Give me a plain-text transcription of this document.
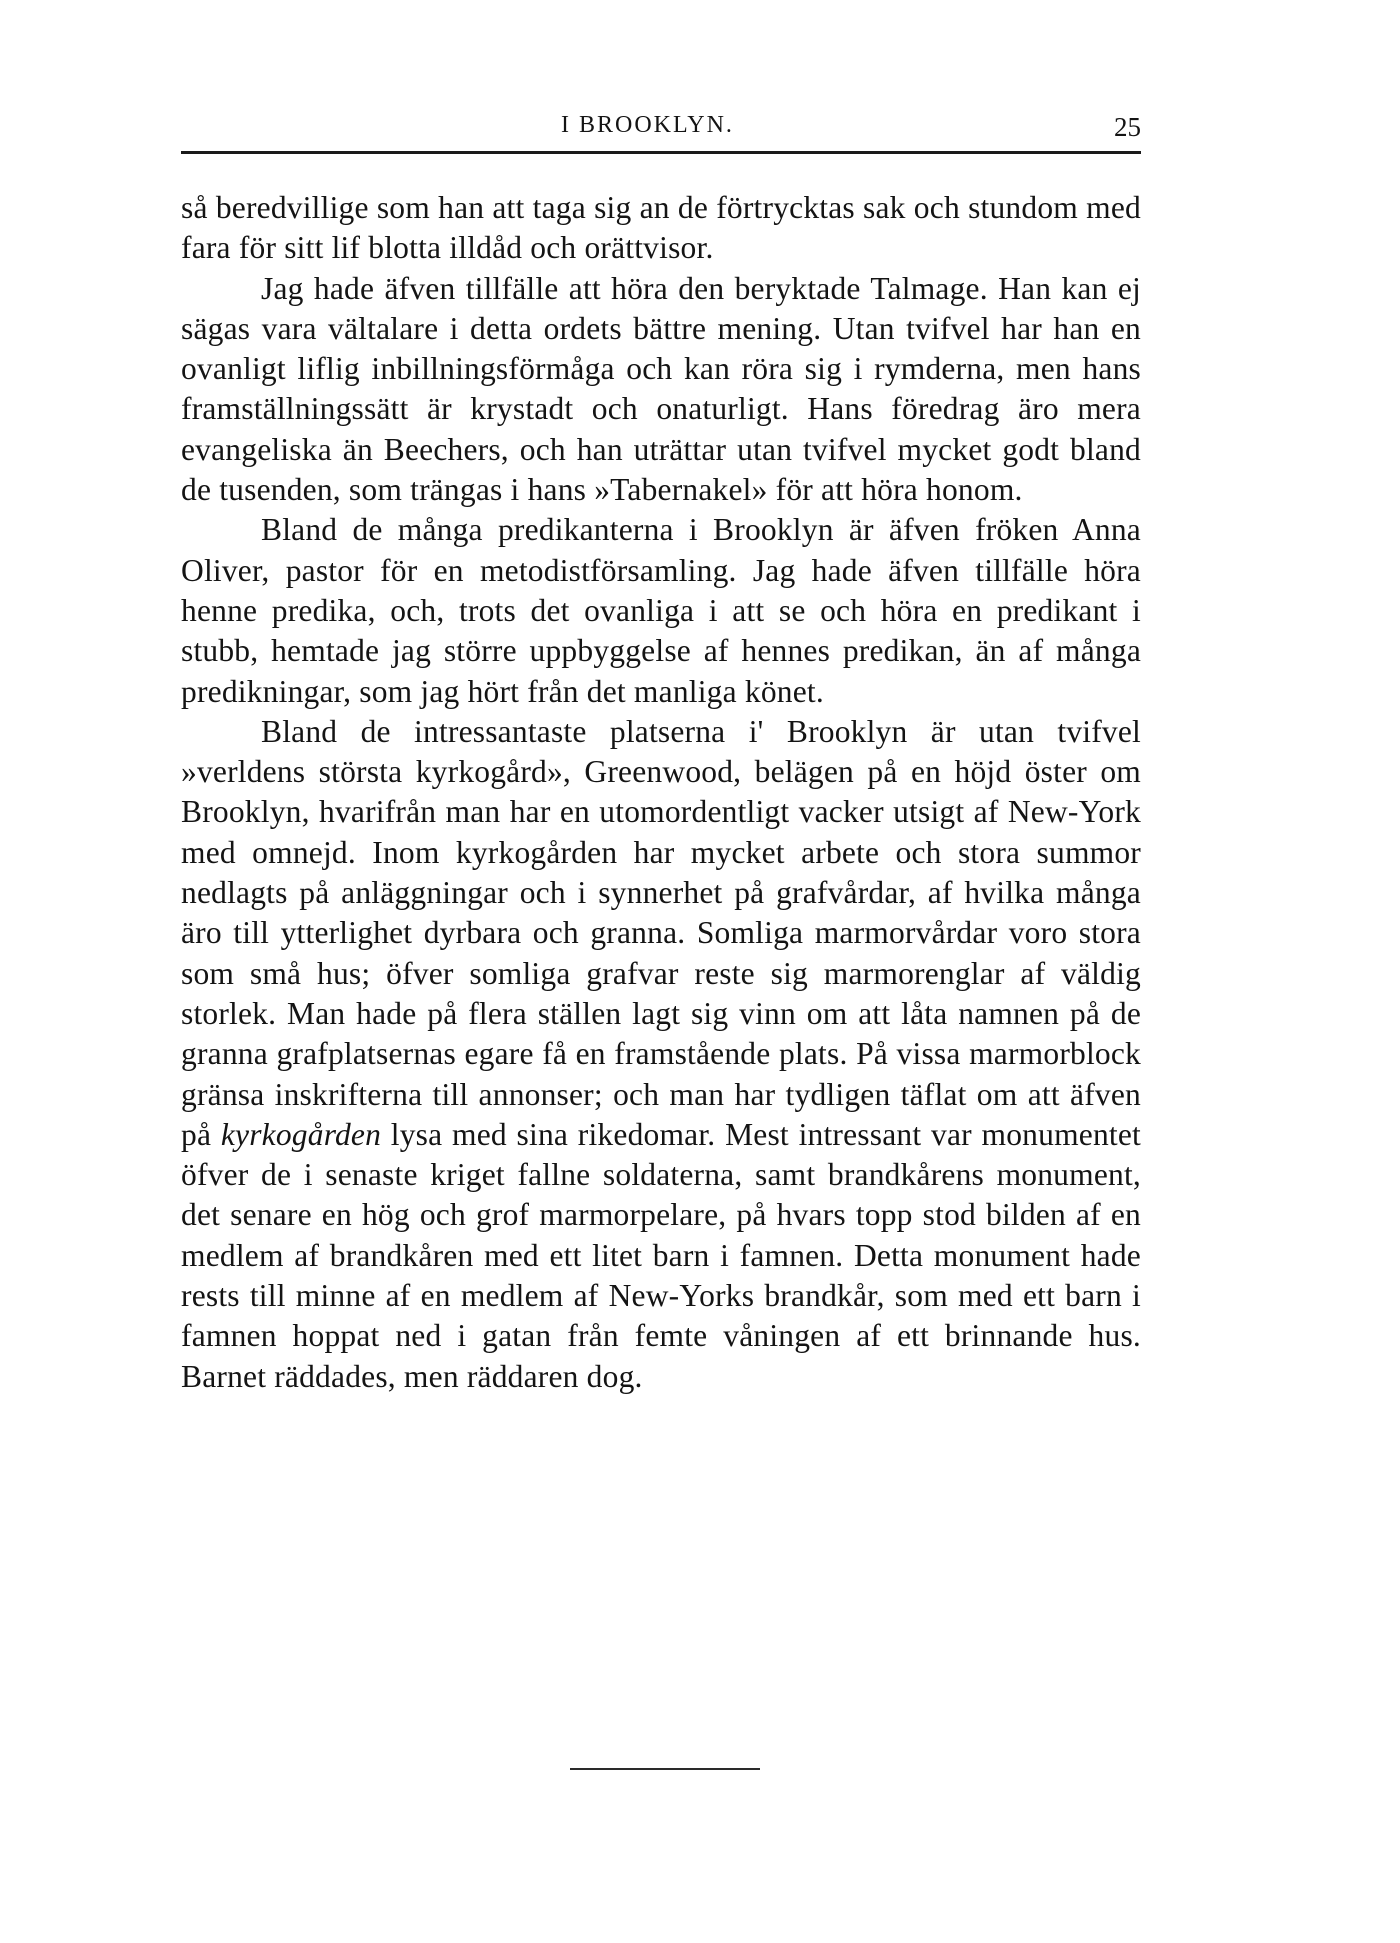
I BROOKLYN.	25

så beredvillige som han att taga sig an de förtrycktas sak och stundom med fara för sitt lif blotta illdåd och orättvisor.

Jag hade äfven tillfälle att höra den beryktade Talmage. Han kan ej sägas vara vältalare i detta ordets bättre mening. Utan tvifvel har han en ovanligt liflig inbillningsförmåga och kan röra sig i rymderna, men hans framställningssätt är krystadt och onaturligt. Hans föredrag äro mera evangeliska än Beechers, och han uträttar utan tvifvel mycket godt bland de tusenden, som trängas i hans »Tabernakel» för att höra honom.

Bland de många predikanterna i Brooklyn är äfven fröken Anna Oliver, pastor för en metodistförsamling. Jag hade äfven tillfälle höra henne predika, och, trots det ovanliga i att se och höra en predikant i stubb, hemtade jag större uppbyggelse af hennes predikan, än af många predikningar, som jag hört från det manliga könet.

Bland de intressantaste platserna i' Brooklyn är utan tvifvel »verldens största kyrkogård», Greenwood, belägen på en höjd öster om Brooklyn, hvarifrån man har en utomordentligt vacker utsigt af New-York med omnejd. Inom kyrkogården har mycket arbete och stora summor nedlagts på anläggningar och i synnerhet på grafvårdar, af hvilka många äro till ytterlighet dyrbara och granna. Somliga marmorvårdar voro stora som små hus; öfver somliga grafvar reste sig marmorenglar af väldig storlek. Man hade på flera ställen lagt sig vinn om att låta namnen på de granna grafplatsernas egare få en framstående plats. På vissa marmorblock gränsa inskrifterna till annonser; och man har tydligen täflat om att äfven på kyrkogården lysa med sina rikedomar. Mest intressant var monumentet öfver de i senaste kriget fallne soldaterna, samt brandkårens monument, det senare en hög och grof marmorpelare, på hvars topp stod bilden af en medlem af brandkåren med ett litet barn i famnen. Detta monument hade rests till minne af en medlem af New-Yorks brandkår, som med ett barn i famnen hoppat ned i gatan från femte våningen af ett brinnande hus. Barnet räddades, men räddaren dog.
